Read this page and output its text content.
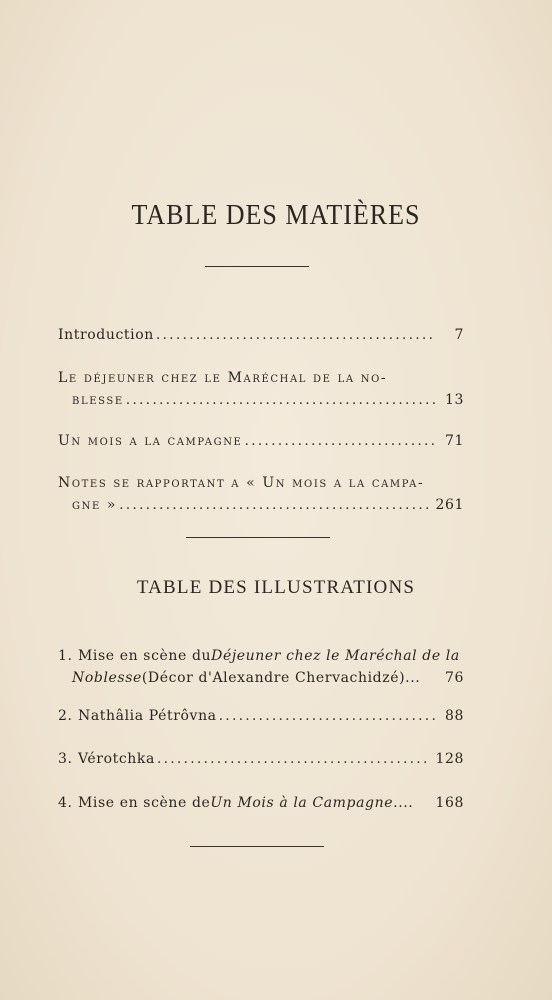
TABLE DES MATIÈRES
Introduction .....	7
Le déjeuner chez le Maréchal de la no-
blesse .....	13
Un mois a la campagne .....	71
Notes se rapportant a « Un mois a la campa-
gne » .....	261
TABLE DES ILLUSTRATIONS
1. Mise en scène du Déjeuner chez le Maréchal de la
Noblesse (Décor d'Alexandre Chervachidzé)...	76
2. Nathâlia Pétrôvna .....	88
3. Vérotchka .....	128
4. Mise en scène de Un Mois à la Campagne .... 168
